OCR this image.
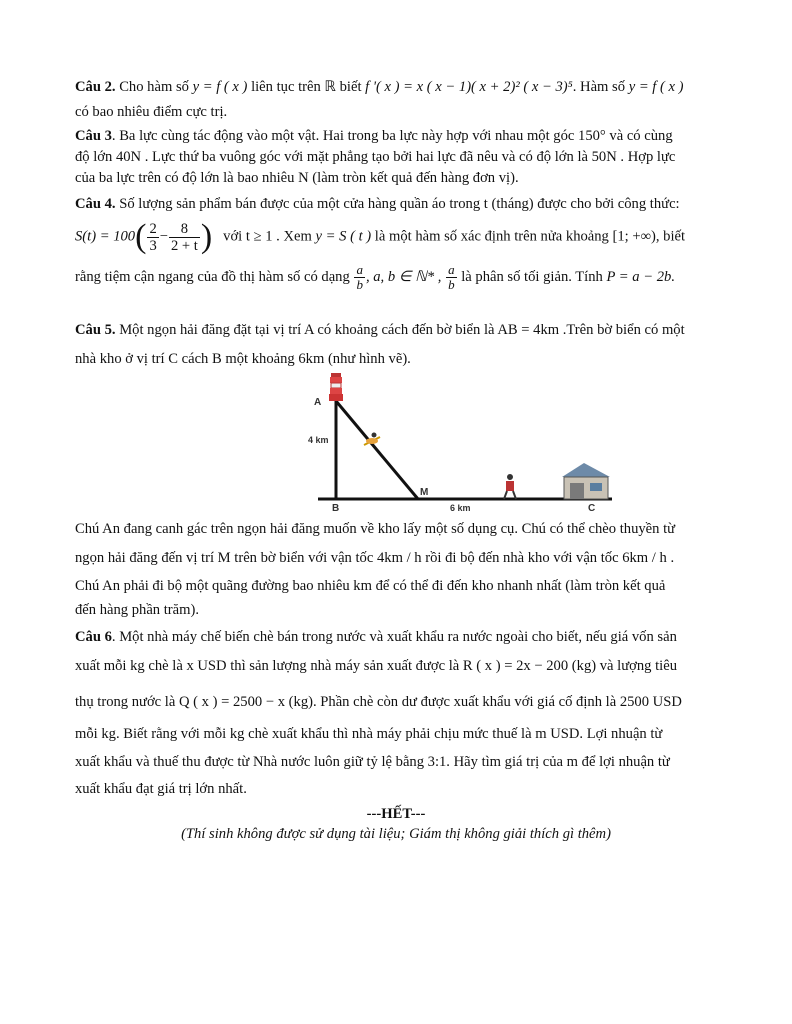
Câu 2. Cho hàm số y = f ( x ) liên tục trên ℝ biết f '( x ) = x ( x − 1)( x + 2)² ( x − 3)⁵. Hàm số y = f ( x )
có bao nhiêu điểm cực trị.
Câu 3. Ba lực cùng tác động vào một vật. Hai trong ba lực này hợp với nhau một góc 150° và có cùng
độ lớn 40N . Lực thứ ba vuông góc với mặt phẳng tạo bởi hai lực đã nêu và có độ lớn là 50N . Hợp lực
của ba lực trên có độ lớn là bao nhiêu N (làm tròn kết quả đến hàng đơn vị).
Câu 4. Số lượng sản phẩm bán được của một cửa hàng quần áo trong t (tháng) được cho bởi công thức:
$S(t) = 100( \frac{2}{3} - \frac{8}{2 + t}$ ) với t ≥ 1 . Xem y = S ( t ) là một hàm số xác định trên nửa khoảng [1; +∞), biết
rằng tiệm cận ngang của đồ thị hàm số có dạng $\frac{a}{b}$ , a, b ∈ ℕ* , $\frac{a}{b}$ là phân số tối giản. Tính P = a − 2b.
Câu 5. Một ngọn hải đăng đặt tại vị trí A có khoảng cách đến bờ biển là AB = 4km .Trên bờ biển có một
nhà kho ở vị trí C cách B một khoảng 6km (như hình vẽ).
A
4 km
B
M
6 km	C
Chú An đang canh gác trên ngọn hải đăng muốn về kho lấy một số dụng cụ. Chú có thể chèo thuyền từ
ngọn hải đăng đến vị trí M trên bờ biển với vận tốc 4km / h rồi đi bộ đến nhà kho với vận tốc 6km / h .
Chú An phải đi bộ một quãng đường bao nhiêu km để có thể đi đến kho nhanh nhất (làm tròn kết quả
đến hàng phần trăm).
Câu 6. Một nhà máy chế biến chè bán trong nước và xuất khẩu ra nước ngoài cho biết, nếu giá vốn sản
xuất mỗi kg chè là x USD thì sản lượng nhà máy sản xuất được là R ( x ) = 2x − 200 (kg) và lượng tiêu
thụ trong nước là Q ( x ) = 2500 − x (kg). Phần chè còn dư được xuất khẩu với giá cố định là 2500 USD
mỗi kg. Biết rằng với mỗi kg chè xuất khẩu thì nhà máy phải chịu mức thuế là m USD. Lợi nhuận từ
xuất khẩu và thuế thu được từ Nhà nước luôn giữ tỷ lệ bằng 3:1. Hãy tìm giá trị của m để lợi nhuận từ
xuất khẩu đạt giá trị lớn nhất.
---HẾT---
(Thí sinh không được sử dụng tài liệu; Giám thị không giải thích gì thêm)
